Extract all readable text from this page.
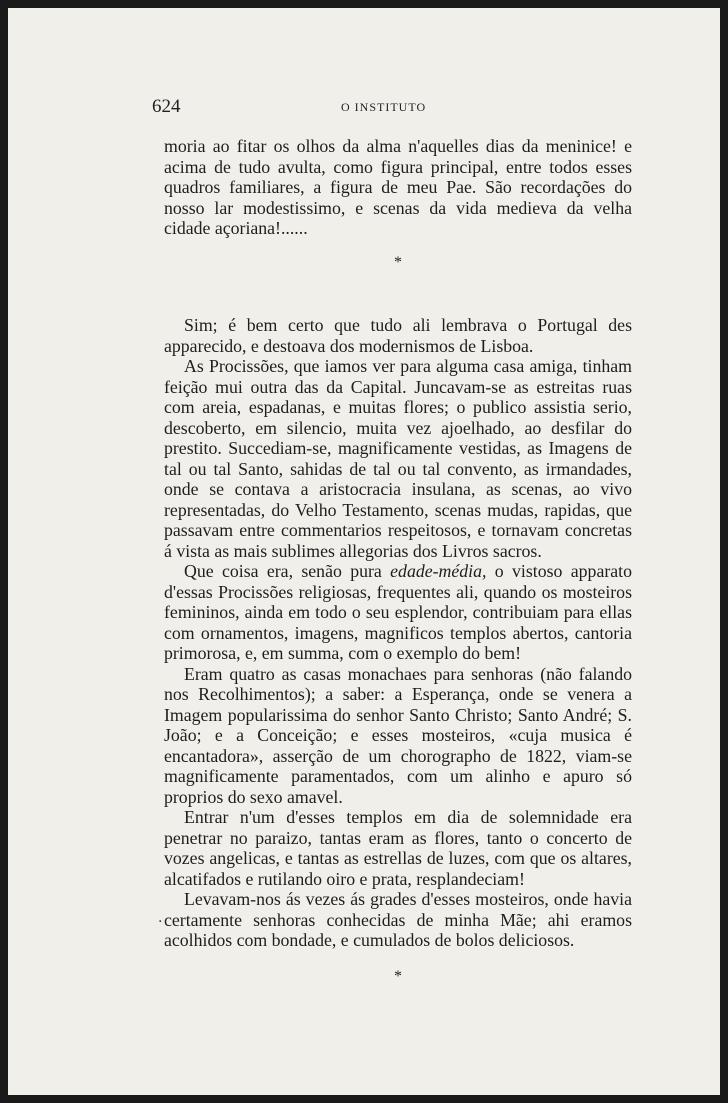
624	O INSTITUTO

moria ao fitar os olhos da alma n'aquelles dias da meninice! e acima de tudo avulta, como figura principal, entre todos esses quadros familiares, a figura de meu Pae. São recordações do nosso lar modestissimo, e scenas da vida medieva da velha cidade açoriana!......

*

Sim; é bem certo que tudo ali lembrava o Portugal des apparecido, e destoava dos modernismos de Lisboa.

As Procissões, que iamos ver para alguma casa amiga, tinham feição mui outra das da Capital. Juncavam-se as estreitas ruas com areia, espadanas, e muitas flores; o publico assistia serio, descoberto, em silencio, muita vez ajoelhado, ao desfilar do prestito. Succediam-se, magnificamente vestidas, as Imagens de tal ou tal Santo, sahidas de tal ou tal convento, as irmandades, onde se contava a aristocracia insulana, as scenas, ao vivo representadas, do Velho Testamento, scenas mudas, rapidas, que passavam entre commentarios respeitosos, e tornavam concretas á vista as mais sublimes allegorias dos Livros sacros.

Que coisa era, senão pura edade-média, o vistoso apparato d'essas Procissões religiosas, frequentes ali, quando os mosteiros femininos, ainda em todo o seu esplendor, contribuiam para ellas com ornamentos, imagens, magnificos templos abertos, cantoria primorosa, e, em summa, com o exemplo do bem!

Eram quatro as casas monachaes para senhoras (não falando nos Recolhimentos); a saber: a Esperança, onde se venera a Imagem popularissima do senhor Santo Christo; Santo André; S. João; e a Conceição; e esses mosteiros, «cuja musica é encantadora», asserção de um chorographo de 1822, viam-se magnificamente paramentados, com um alinho e apuro só proprios do sexo amavel.

Entrar n'um d'esses templos em dia de solemnidade era penetrar no paraizo, tantas eram as flores, tanto o concerto de vozes angelicas, e tantas as estrellas de luzes, com que os altares, alcatifados e rutilando oiro e prata, resplandeciam!

Levavam-nos ás vezes ás grades d'esses mosteiros, onde havia certamente senhoras conhecidas de minha Mãe; ahi eramos acolhidos com bondade, e cumulados de bolos deliciosos.

*
.
